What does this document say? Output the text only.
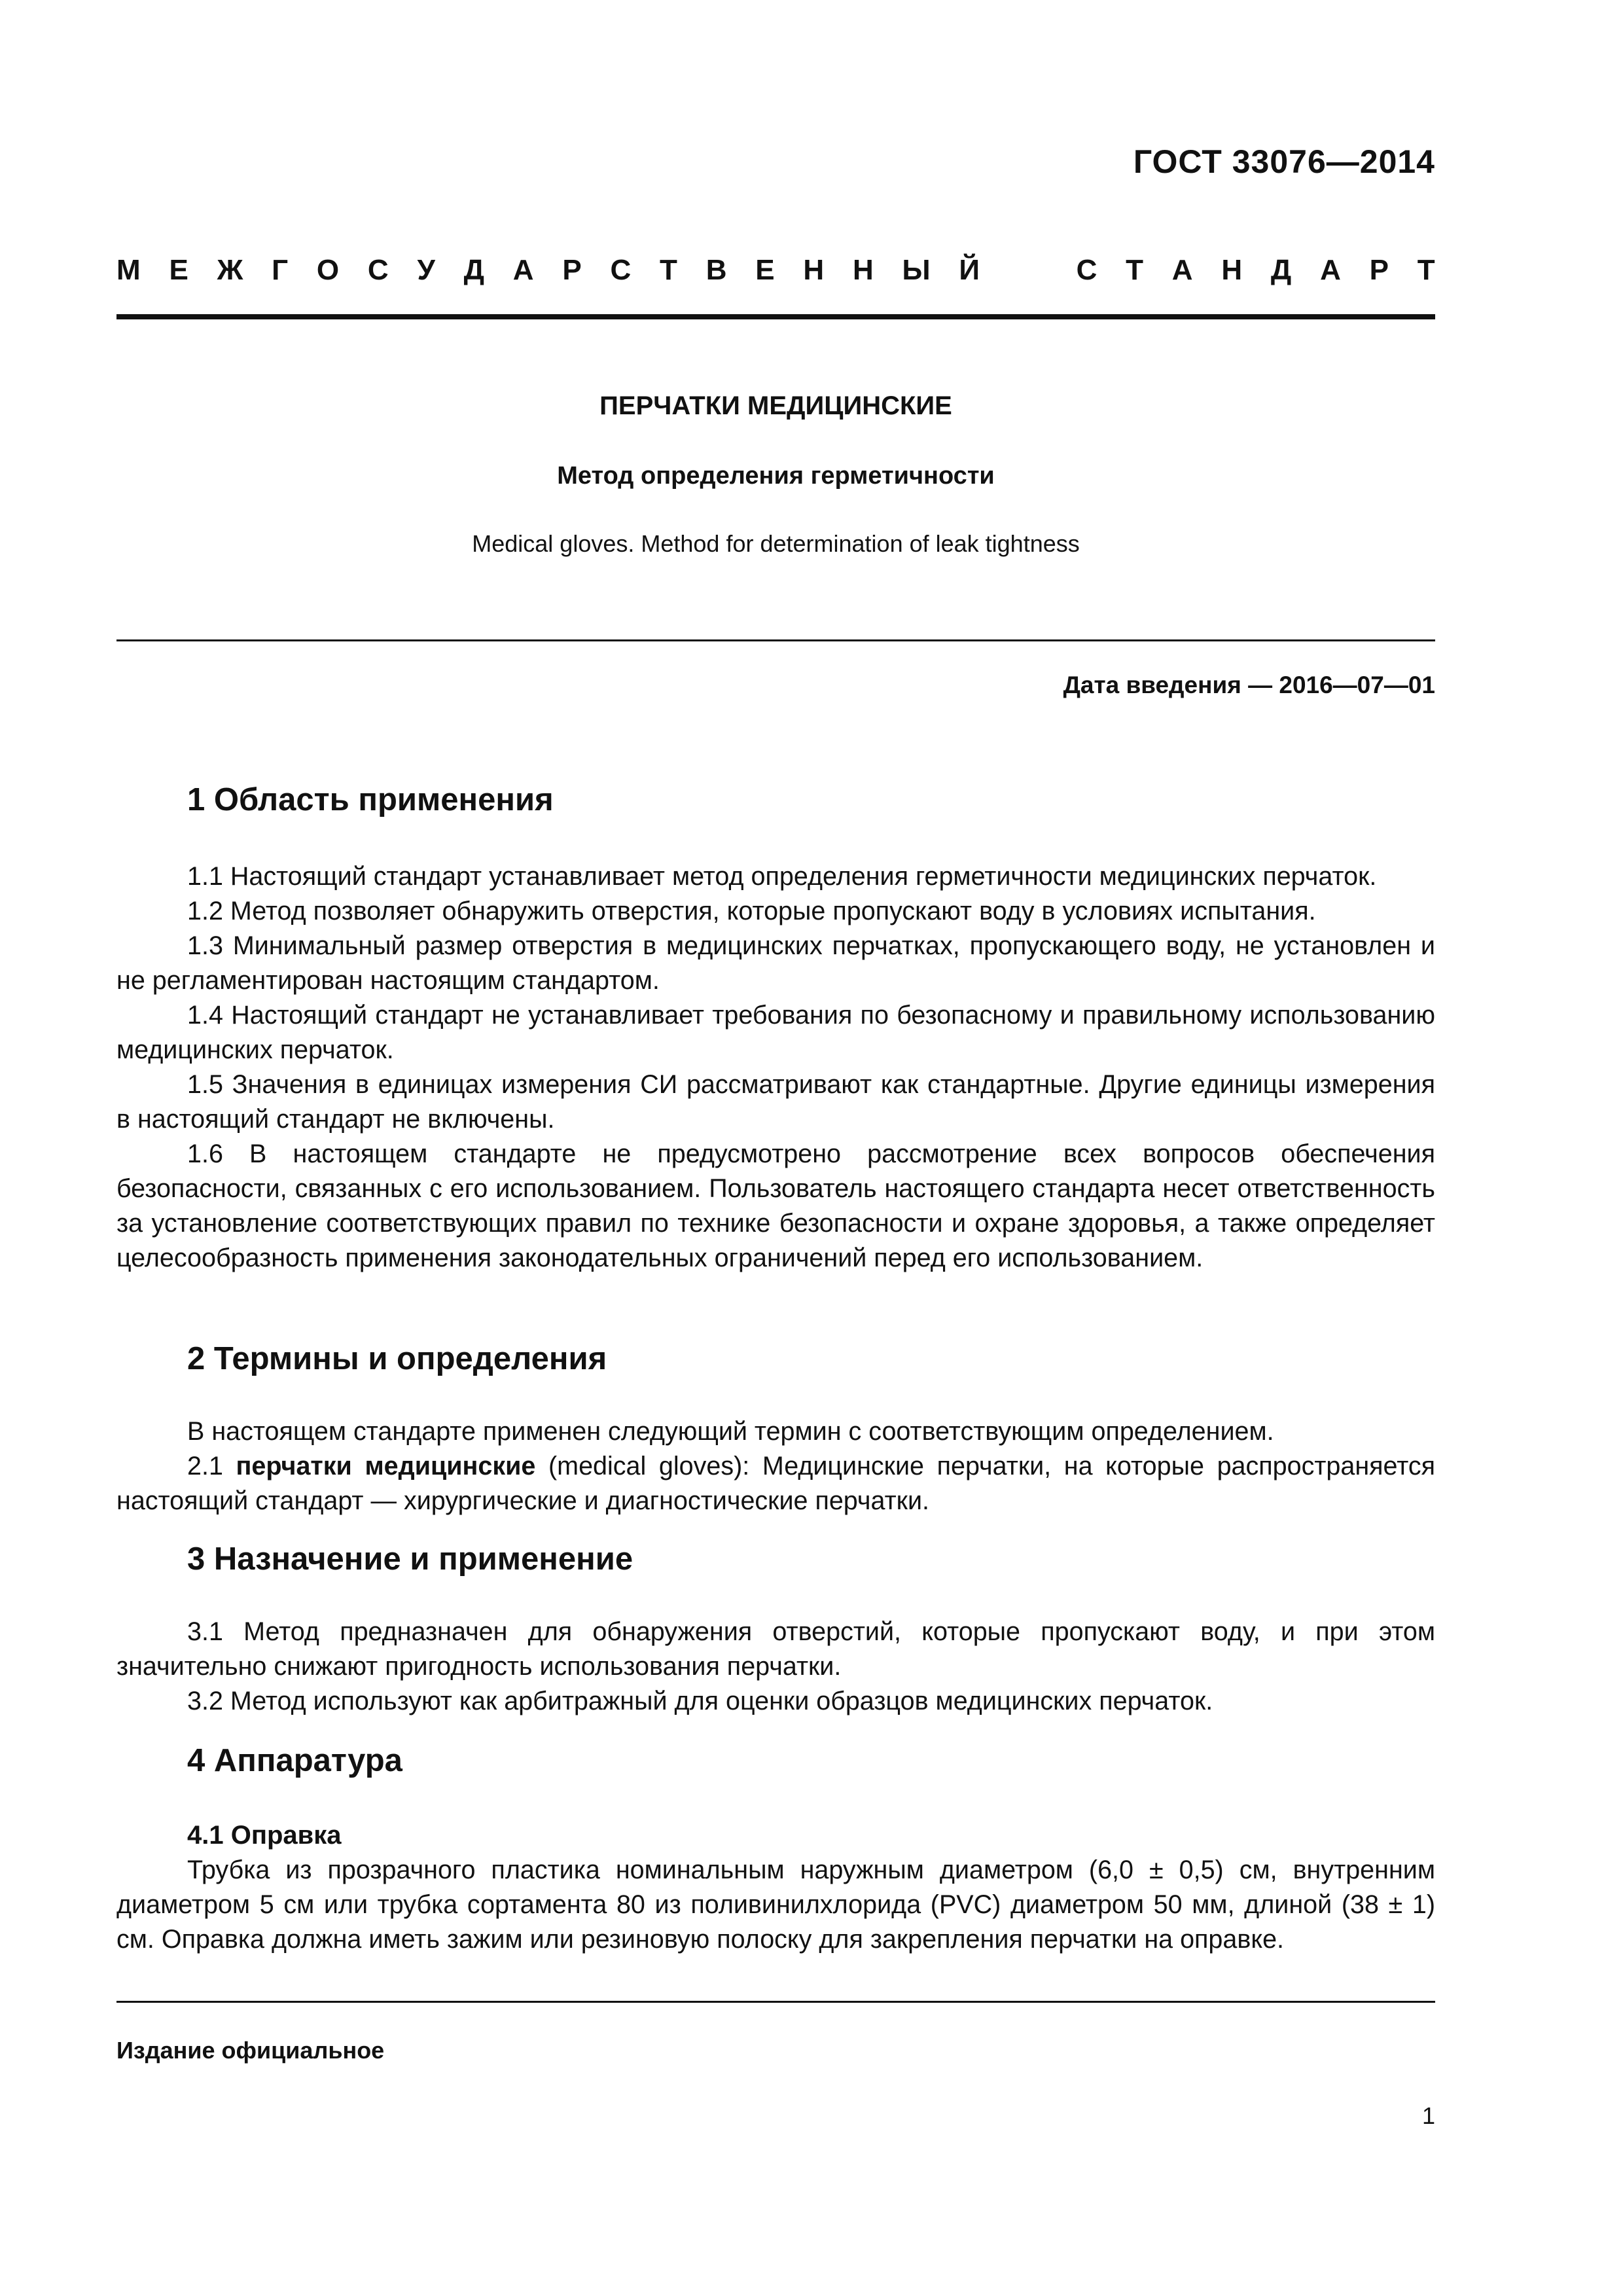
ГОСТ 33076—2014
М Е Ж Г О С У Д А Р С Т В Е Н Н Ы Й	С Т А Н Д А Р Т
ПЕРЧАТКИ МЕДИЦИНСКИЕ
Метод определения герметичности
Medical gloves. Method for determination of leak tightness
Дата введения — 2016—07—01
1 Область применения

1.1 Настоящий стандарт устанавливает метод определения герметичности медицинских перчаток.

1.2 Метод позволяет обнаружить отверстия, которые пропускают воду в условиях испытания.

1.3 Минимальный размер отверстия в медицинских перчатках, пропускающего воду, не установлен и не регламентирован настоящим стандартом.

1.4 Настоящий стандарт не устанавливает требования по безопасному и правильному использованию медицинских перчаток.

1.5 Значения в единицах измерения СИ рассматривают как стандартные. Другие единицы измерения в настоящий стандарт не включены.

1.6 В настоящем стандарте не предусмотрено рассмотрение всех вопросов обеспечения безопасности, связанных с его использованием. Пользователь настоящего стандарта несет ответственность за установление соответствующих правил по технике безопасности и охране здоровья, а также определяет целесообразность применения законодательных ограничений перед его использованием.

2 Термины и определения

В настоящем стандарте применен следующий термин с соответствующим определением.

2.1 перчатки медицинские (medical gloves): Медицинские перчатки, на которые распространяется настоящий стандарт — хирургические и диагностические перчатки.

3 Назначение и применение

3.1 Метод предназначен для обнаружения отверстий, которые пропускают воду, и при этом значительно снижают пригодность использования перчатки.

3.2 Метод используют как арбитражный для оценки образцов медицинских перчаток.

4 Аппаратура
4.1 Оправка

Трубка из прозрачного пластика номинальным наружным диаметром (6,0 ± 0,5) см, внутренним диаметром 5 см или трубка сортамента 80 из поливинилхлорида (PVC) диаметром 50 мм, длиной (38 ± 1) см. Оправка должна иметь зажим или резиновую полоску для закрепления перчатки на оправке.

Издание официальное
1
